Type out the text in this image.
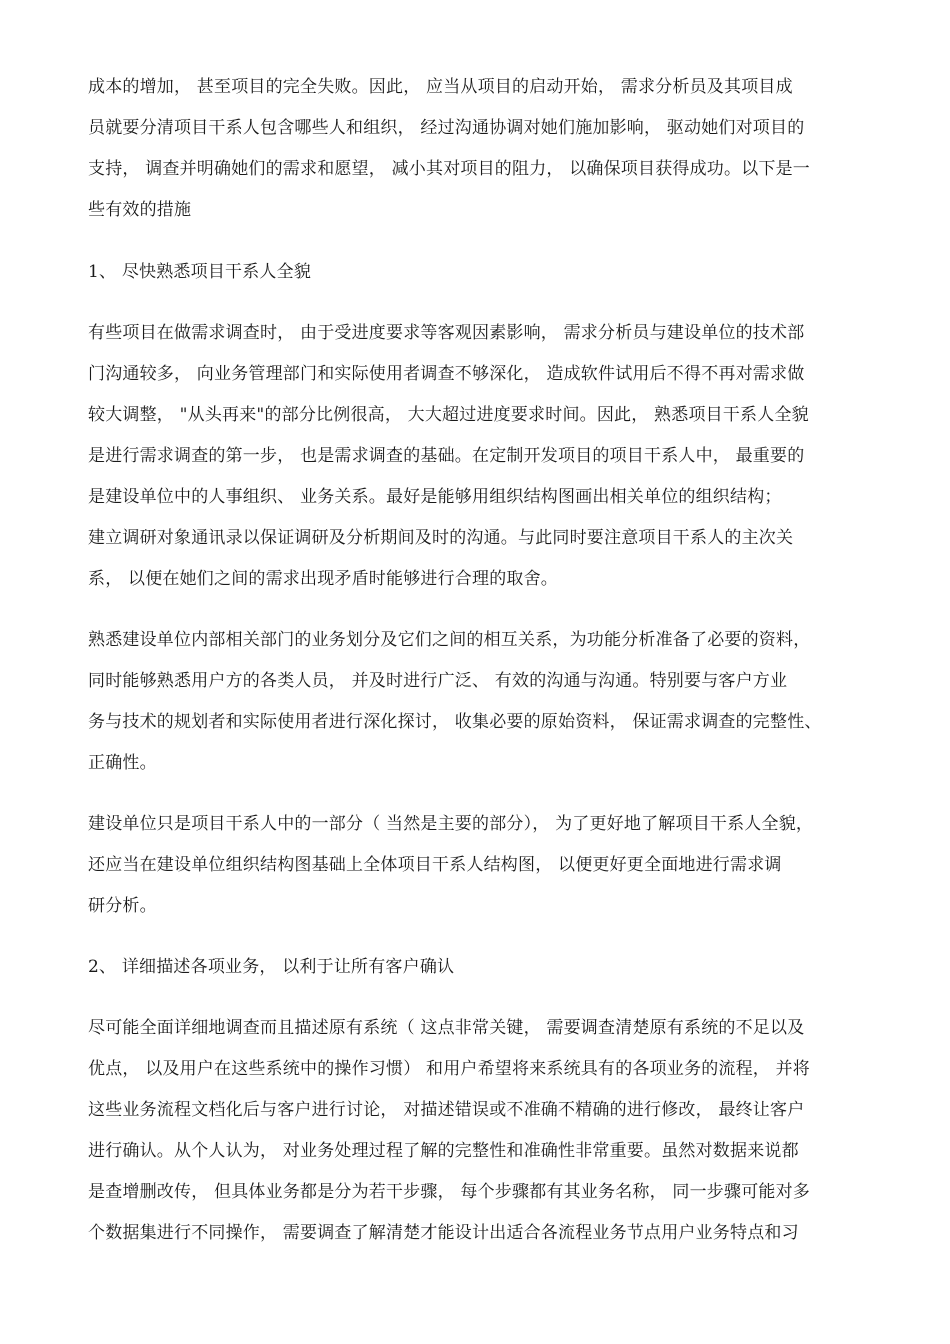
成本的增加， 甚至项目的完全失败。因此， 应当从项目的启动开始， 需求分析员及其项目成
员就要分清项目干系人包含哪些人和组织， 经过沟通协调对她们施加影响， 驱动她们对项目的
支持， 调查并明确她们的需求和愿望， 减小其对项目的阻力， 以确保项目获得成功。以下是一
些有效的措施
1、 尽快熟悉项目干系人全貌
有些项目在做需求调查时， 由于受进度要求等客观因素影响， 需求分析员与建设单位的技术部
门沟通较多， 向业务管理部门和实际使用者调查不够深化， 造成软件试用后不得不再对需求做
较大调整， "从头再来"的部分比例很高， 大大超过进度要求时间。因此， 熟悉项目干系人全貌
是进行需求调查的第一步， 也是需求调查的基础。在定制开发项目的项目干系人中， 最重要的
是建设单位中的人事组织、 业务关系。最好是能够用组织结构图画出相关单位的组织结构；
建立调研对象通讯录以保证调研及分析期间及时的沟通。与此同时要注意项目干系人的主次关
系， 以便在她们之间的需求出现矛盾时能够进行合理的取舍。
熟悉建设单位内部相关部门的业务划分及它们之间的相互关系，为功能分析准备了必要的资料，
同时能够熟悉用户方的各类人员， 并及时进行广泛、 有效的沟通与沟通。特别要与客户方业
务与技术的规划者和实际使用者进行深化探讨， 收集必要的原始资料， 保证需求调查的完整性、
正确性。
建设单位只是项目干系人中的一部分（ 当然是主要的部分）， 为了更好地了解项目干系人全貌，
还应当在建设单位组织结构图基础上全体项目干系人结构图， 以便更好更全面地进行需求调
研分析。
2、 详细描述各项业务， 以利于让所有客户确认
尽可能全面详细地调查而且描述原有系统（ 这点非常关键， 需要调查清楚原有系统的不足以及
优点， 以及用户在这些系统中的操作习惯） 和用户希望将来系统具有的各项业务的流程， 并将
这些业务流程文档化后与客户进行讨论， 对描述错误或不准确不精确的进行修改， 最终让客户
进行确认。从个人认为， 对业务处理过程了解的完整性和准确性非常重要。虽然对数据来说都
是查增删改传， 但具体业务都是分为若干步骤， 每个步骤都有其业务名称， 同一步骤可能对多
个数据集进行不同操作， 需要调查了解清楚才能设计出适合各流程业务节点用户业务特点和习
